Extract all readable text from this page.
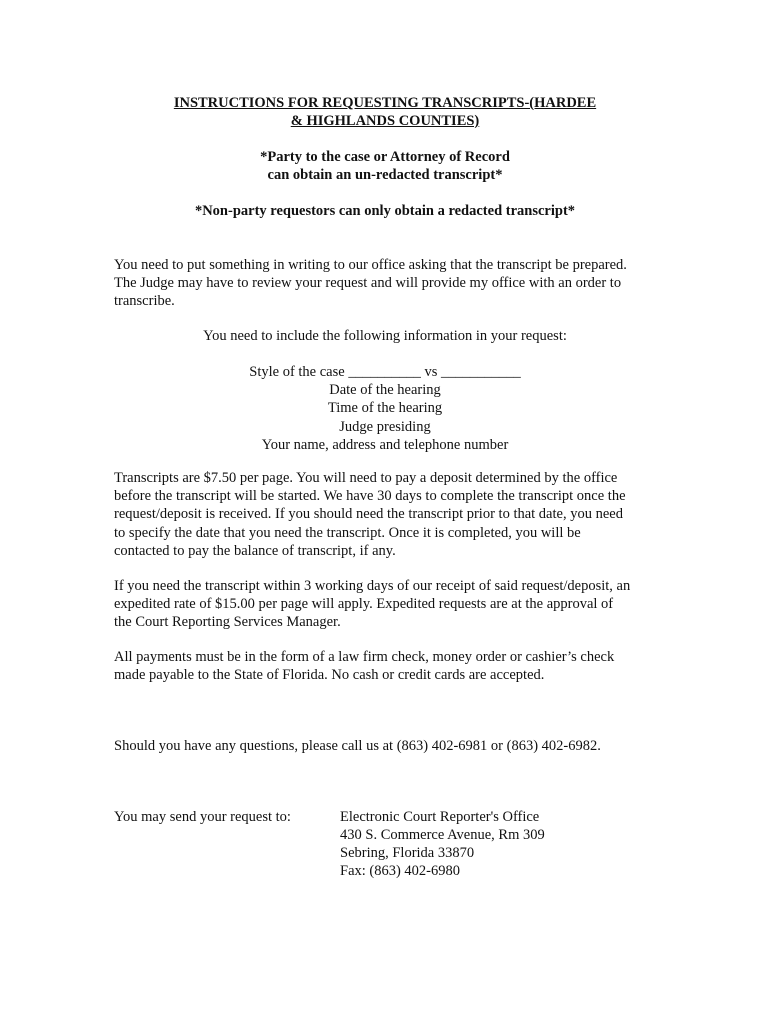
INSTRUCTIONS FOR REQUESTING TRANSCRIPTS-(HARDEE
& HIGHLANDS COUNTIES)
*Party to the case or Attorney of Record
can obtain an un-redacted transcript*
*Non-party requestors can only obtain a redacted transcript*
You need to put something in writing to our office asking that the transcript be prepared.
The Judge may have to review your request and will provide my office with an order to
transcribe.
You need to include the following information in your request:
Style of the case __________ vs ___________
Date of the hearing
Time of the hearing
Judge presiding
Your name, address and telephone number
Transcripts are $7.50 per page. You will need to pay a deposit determined by the office
before the transcript will be started. We have 30 days to complete the transcript once the
request/deposit is received. If you should need the transcript prior to that date, you need
to specify the date that you need the transcript. Once it is completed, you will be
contacted to pay the balance of transcript, if any.
If you need the transcript within 3 working days of our receipt of said request/deposit, an
expedited rate of $15.00 per page will apply. Expedited requests are at the approval of
the Court Reporting Services Manager.
All payments must be in the form of a law firm check, money order or cashier’s check
made payable to the State of Florida. No cash or credit cards are accepted.
Should you have any questions, please call us at (863) 402-6981 or (863) 402-6982.
You may send your request to:	Electronic Court Reporter's Office
430 S. Commerce Avenue, Rm 309
Sebring, Florida 33870
Fax: (863) 402-6980
